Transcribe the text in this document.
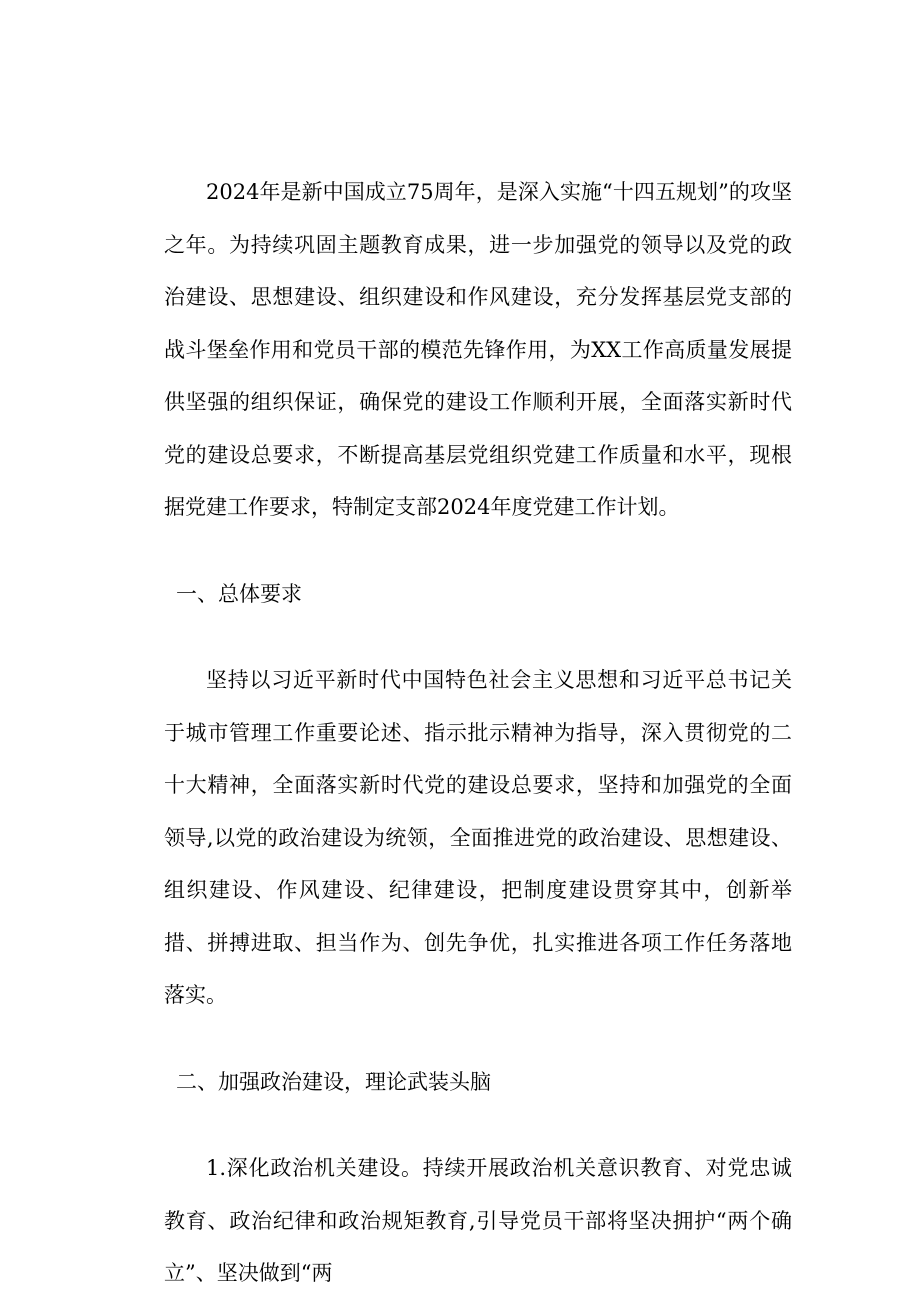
2024年是新中国成立75周年，是深入实施“十四五规划”的攻坚之年。为持续巩固主题教育成果，进一步加强党的领导以及党的政治建设、思想建设、组织建设和作风建设，充分发挥基层党支部的战斗堡垒作用和党员干部的模范先锋作用，为XX工作高质量发展提供坚强的组织保证，确保党的建设工作顺利开展，全面落实新时代党的建设总要求，不断提高基层党组织党建工作质量和水平，现根据党建工作要求，特制定支部2024年度党建工作计划。

一、总体要求

坚持以习近平新时代中国特色社会主义思想和习近平总书记关于城市管理工作重要论述、指示批示精神为指导，深入贯彻党的二十大精神，全面落实新时代党的建设总要求，坚持和加强党的全面领导,以党的政治建设为统领，全面推进党的政治建设、思想建设、组织建设、作风建设、纪律建设，把制度建设贯穿其中，创新举措、拼搏进取、担当作为、创先争优，扎实推进各项工作任务落地落实。

二、加强政治建设，理论武装头脑

1.深化政治机关建设。持续开展政治机关意识教育、对党忠诚教育、政治纪律和政治规矩教育,引导党员干部将坚决拥护“两个确立”、坚决做到“两
